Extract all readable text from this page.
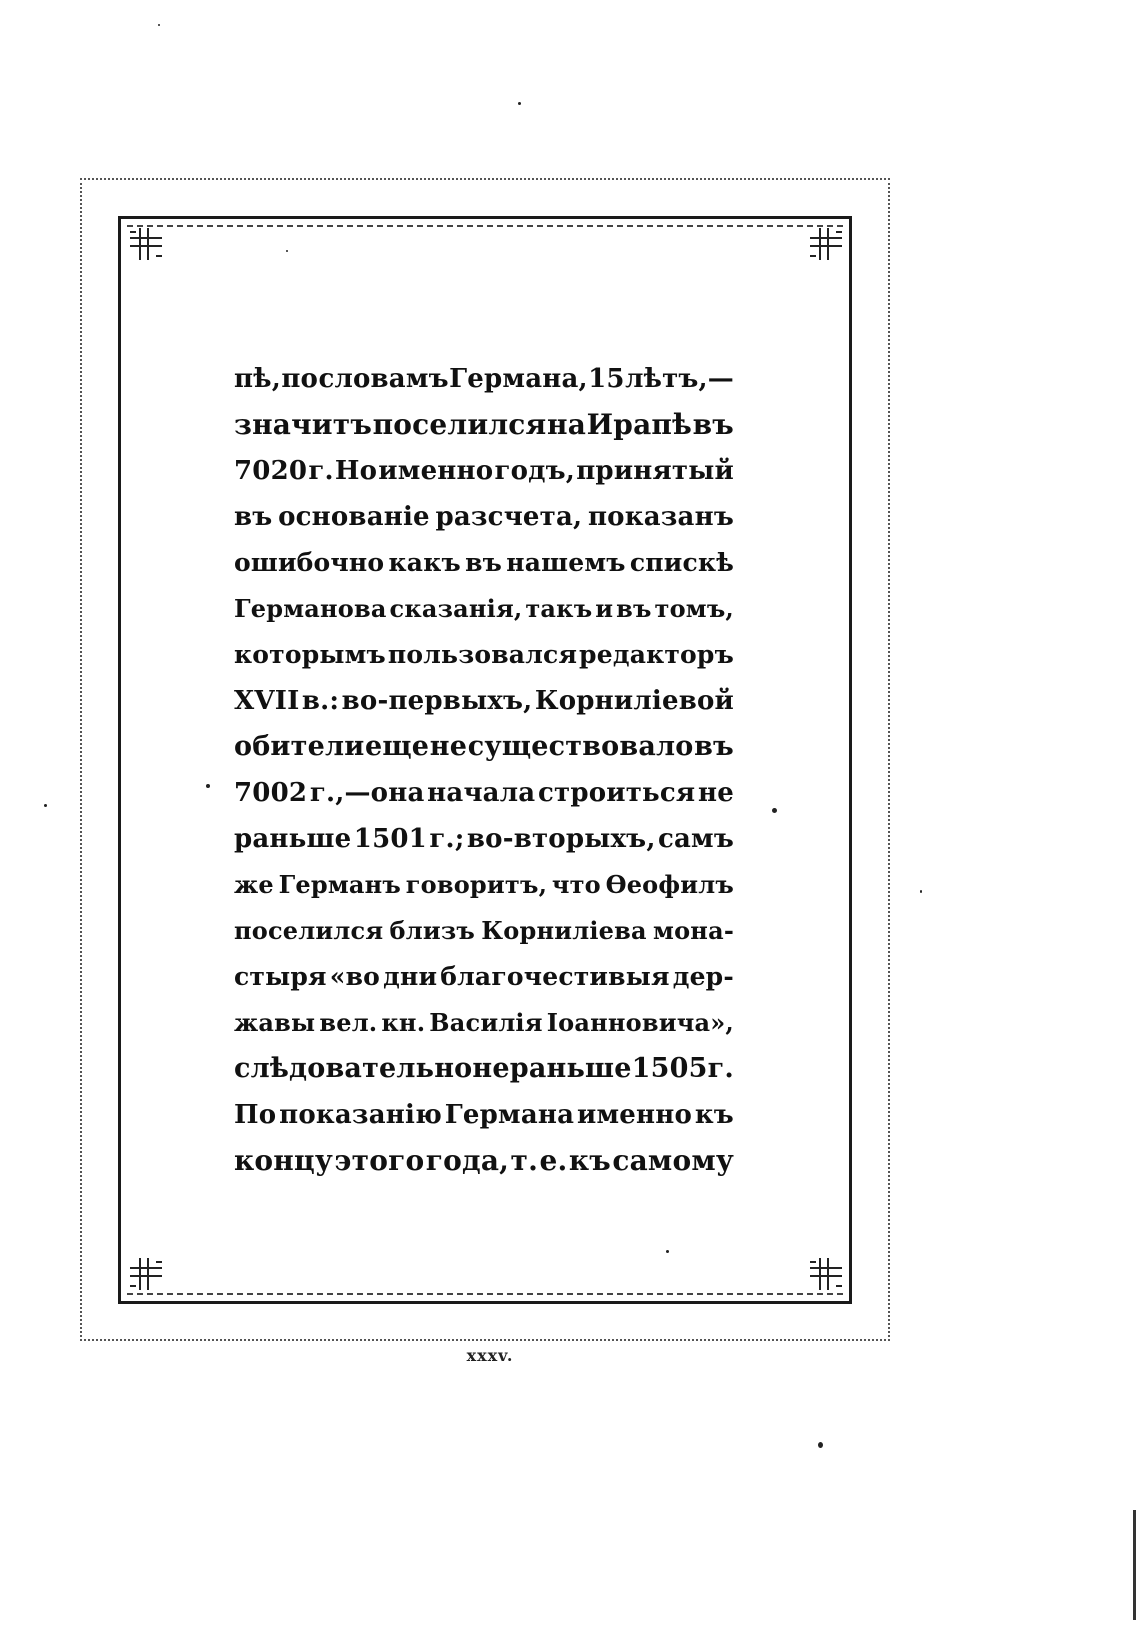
пѣ, по словамъ Германа, 15 лѣтъ,—
значитъ поселился на Ирапѣ въ
7020 г. Но именно годъ, принятый
въ основаніе разсчета, показанъ
ошибочно какъ въ нашемъ спискѣ
Германова сказанія, такъ и въ томъ,
которымъ пользовался редакторъ
XVII в.: во-первыхъ, Корниліевой
обители еще не существовало въ
7002 г.,—она начала строиться не
раньше 1501 г.; во-вторыхъ, самъ
же Германъ говоритъ, что Ѳеофилъ
поселился близъ Корниліева мона-
стыря «во дни благочестивыя дер-
жавы вел. кн. Василія Іоанновича»,
слѣдовательно не раньше 1505 г.
По показанію Германа именно къ
концу этого года, т. е. къ самому
xxxv.
